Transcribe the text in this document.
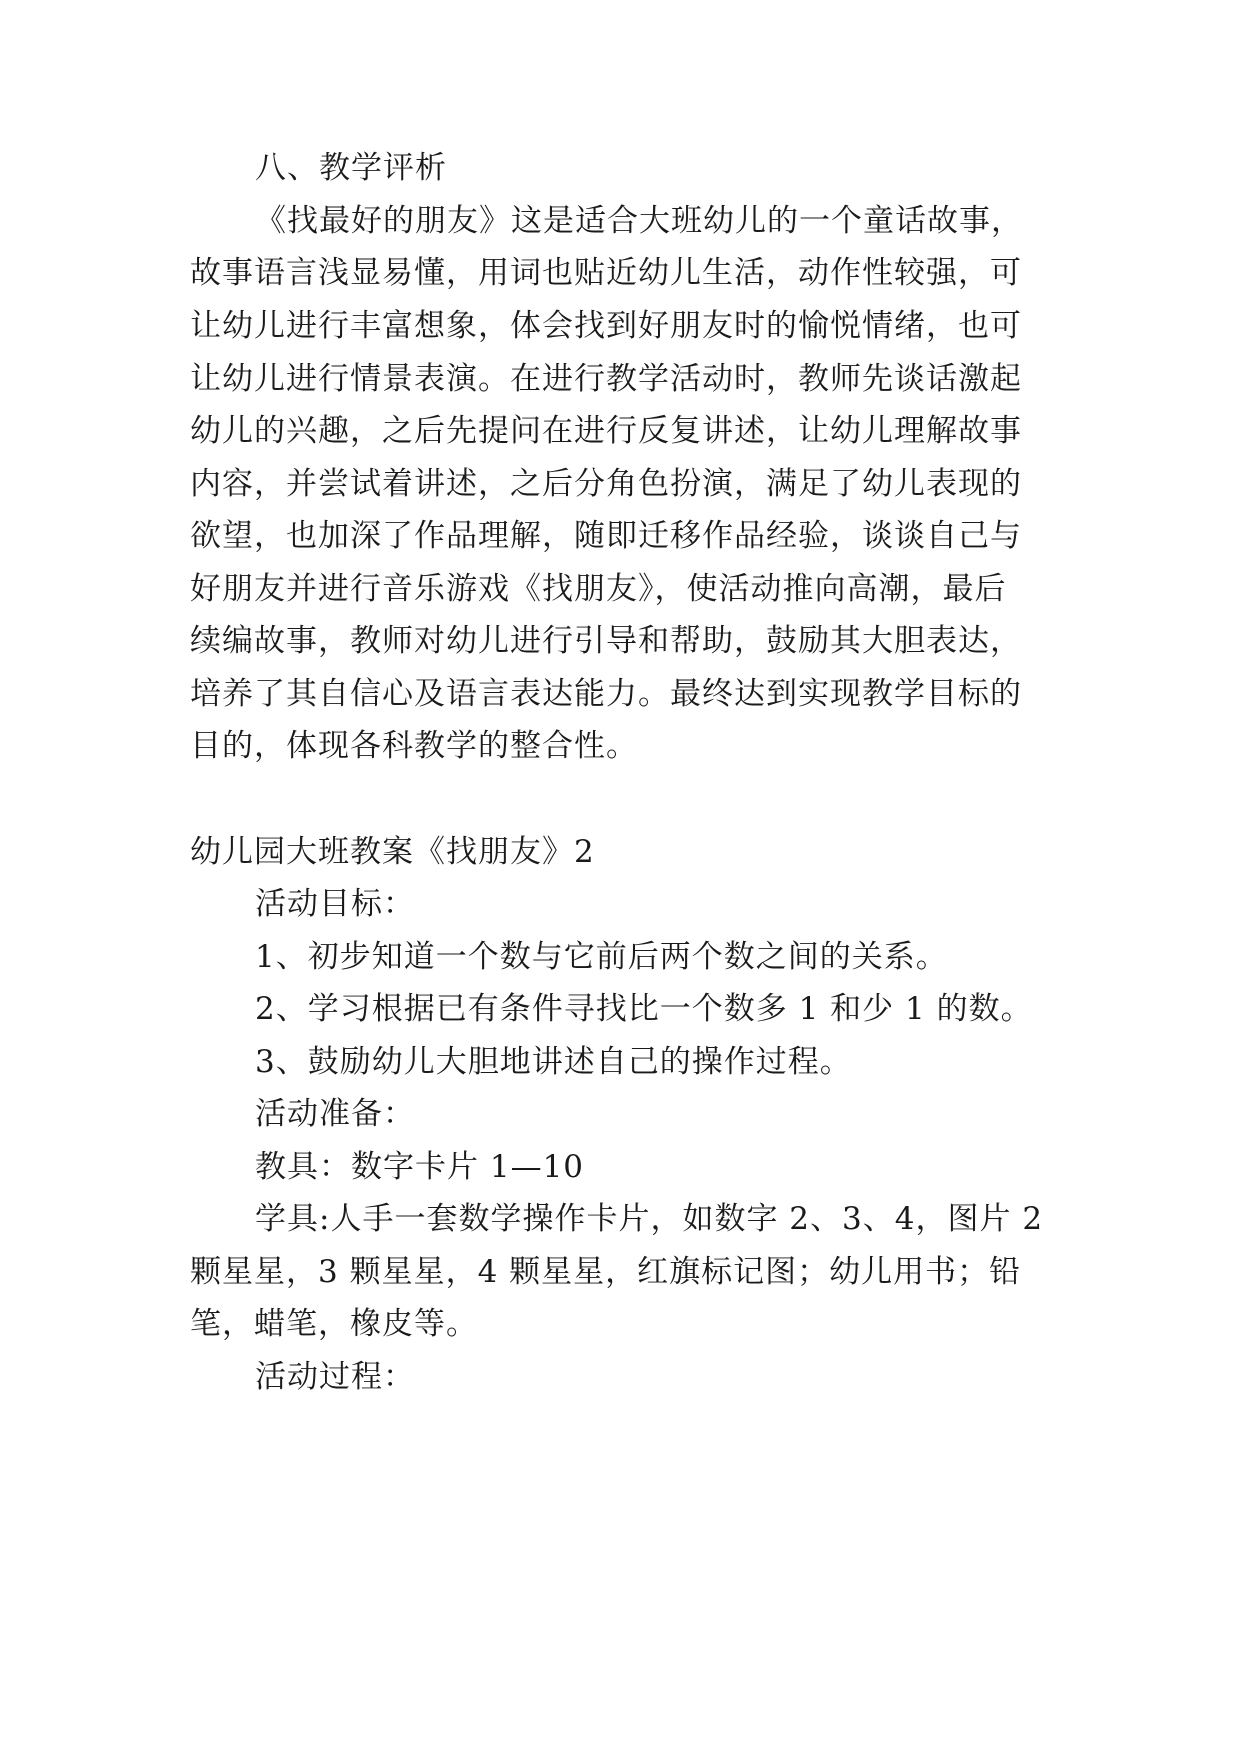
八、教学评析
《找最好的朋友》这是适合大班幼儿的一个童话故事，
故事语言浅显易懂，用词也贴近幼儿生活，动作性较强，可
让幼儿进行丰富想象，体会找到好朋友时的愉悦情绪，也可
让幼儿进行情景表演。在进行教学活动时，教师先谈话激起
幼儿的兴趣，之后先提问在进行反复讲述，让幼儿理解故事
内容，并尝试着讲述，之后分角色扮演，满足了幼儿表现的
欲望，也加深了作品理解，随即迁移作品经验，谈谈自己与
好朋友并进行音乐游戏《找朋友》，使活动推向高潮，最后
续编故事，教师对幼儿进行引导和帮助，鼓励其大胆表达，
培养了其自信心及语言表达能力。最终达到实现教学目标的
目的，体现各科教学的整合性。
幼儿园大班教案《找朋友》2
活动目标：
1、初步知道一个数与它前后两个数之间的关系。
2、学习根据已有条件寻找比一个数多 1 和少 1 的数。
3、鼓励幼儿大胆地讲述自己的操作过程。
活动准备：
教具：数字卡片 1—10
学具:人手一套数学操作卡片，如数字 2、3、4，图片 2
颗星星，3 颗星星，4 颗星星，红旗标记图；幼儿用书；铅
笔，蜡笔，橡皮等。
活动过程：
